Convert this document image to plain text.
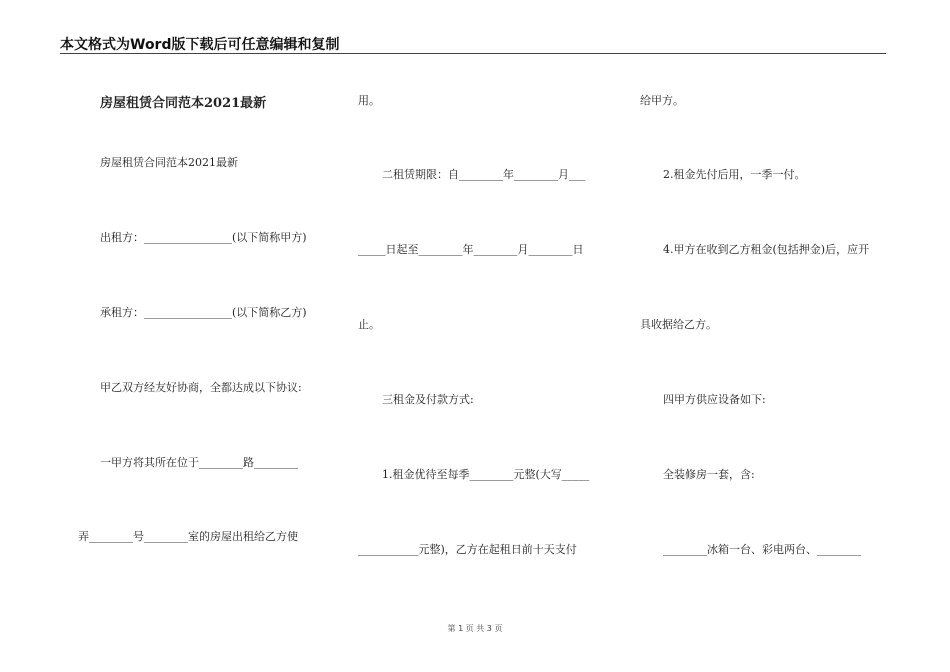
本文格式为Word版下载后可任意编辑和复制
房屋租赁合同范本2021最新
房屋租赁合同范本2021最新
出租方：________________(以下简称甲方)
承租方：________________(以下简称乙方)
甲乙双方经友好协商，全都达成以下协议:
一甲方将其所在位于________路________
弄________号________室的房屋出租给乙方使
用。
二租赁期限：自________年________月___
_____日起至________年________月________日
止。
三租金及付款方式:
1.租金优待至每季________元整(大写_____
___________元整)，乙方在起租日前十天支付
给甲方。
2.租金先付后用，一季一付。
4.甲方在收到乙方租金(包括押金)后，应开
具收据给乙方。
四甲方供应设备如下:
全装修房一套，含:
________冰箱一台、彩电两台、________
第 1 页 共 3 页
